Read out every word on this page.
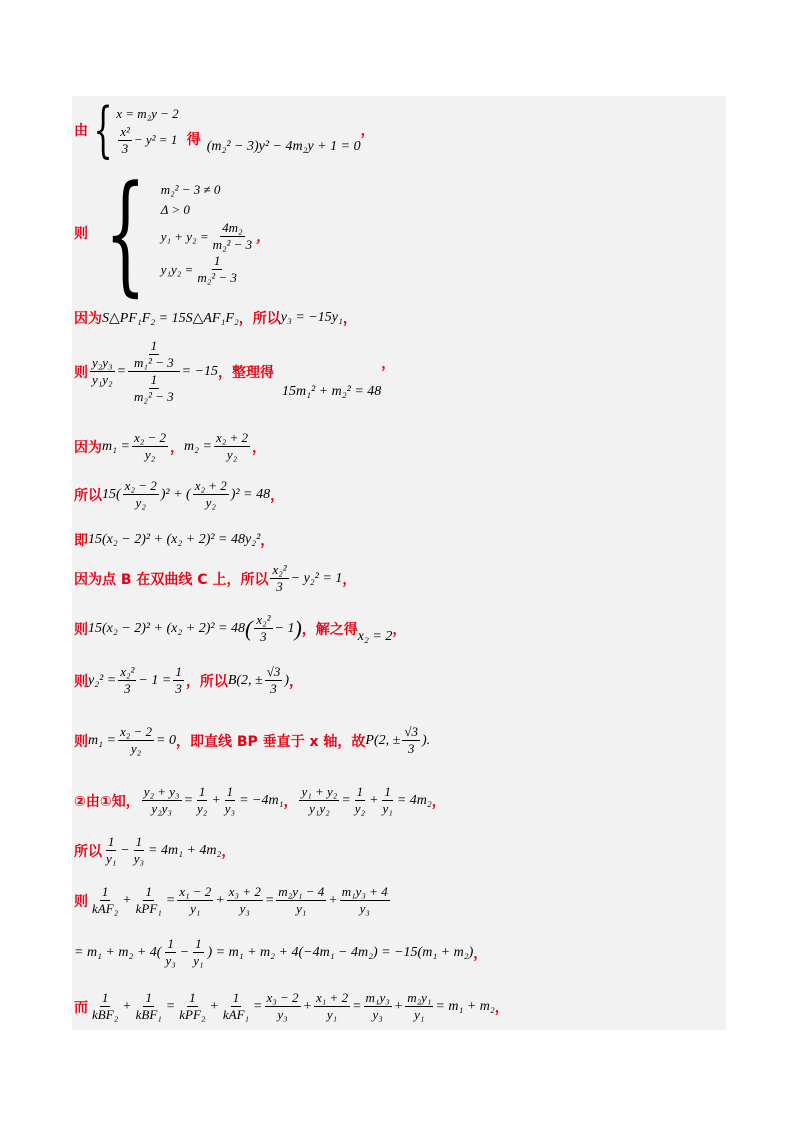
由 { x = m₂y − 2
$\frac{\text{x²}}{3} - y^2 = 1$ 得 (m₂² − 3)y² − 4m₂y + 1 = 0
，
则 { m₂² − 3 ≠ 0
Δ > 0
$y_1 + y_2 = \frac{\text{4m₂}}{\text{m₂² − 3}}$ ，
$y_1y_2 = \frac{1}{\text{m₂² − 3}}$
因为 S△PF₁F₂ = 15S△AF₁F₂ ，所以 y₃ = −15y₁ ，
则 $\frac{\text{y₂y₃}}{\text{y₁y₂}} = \frac{\frac{1}{\text{m₁² − 3}}}{\frac{1}{\text{m₂² − 3}}} = -15$ ，整理得
15m₁² + m₂² = 48
，
因为 $m_1 = \frac{\text{x₂ − 2}}{\text{y₂}}$ ， $m_2 = \frac{\text{x₂ + 2}}{\text{y₂}}$ ，
所以 $15( \frac{\text{x₂ − 2}}{\text{y₂}} )^2$ + ( $\frac{\text{x₂ + 2}}{\text{y₂}} )^2 = 48$ ，
即 15(x₂ − 2)² + (x₂ + 2)² = 48y₂² ，
因为点 B 在双曲线 C 上，所以 $\frac{\text{x₂²}}{3} - y_2^2 = 1$ ，
则 15(x₂ − 2)² + (x₂ + 2)² = 48 ( $\frac{\text{x₂²}}{3} - 1$ ) ，解之得 x₂ = 2 ，
则 $y_2^2 = \frac{\text{x₂²}}{3} - 1 = \frac{1}{3}$ ，所以 B(2, ± $\frac{√3}{3}$ ) ，
则 $m_1 = \frac{\text{x₂ − 2}}{\text{y₂}} = 0$ ，即直线 BP 垂直于 x 轴，故 P(2, ± $\frac{√3}{3}$ ).
②由①知， $\frac{\text{y₂ + y₃}}{\text{y₂y₃}} = \frac{1}{\text{y₂}} + \frac{1}{\text{y₃}} = -4m_1$ ， $\frac{\text{y₁ + y₂}}{\text{y₁y₂}} = \frac{1}{\text{y₂}} + \frac{1}{\text{y₁}} = 4m_2$ ，
所以 $\frac{1}{\text{y₁}} - \frac{1}{\text{y₃}} = 4m_1 + 4m_2$ ，
则 $\frac{1}{\text{kAF₂}} + \frac{1}{\text{kPF₁}} = \frac{\text{x₁ − 2}}{\text{y₁}} + \frac{\text{x₃ + 2}}{\text{y₃}} = \frac{\text{m₂y₁ − 4}}{\text{y₁}} + \frac{\text{m₁y₃ + 4}}{\text{y₃}}$
= $m_1 + m_2 + 4( \frac{1}{\text{y₃}} - \frac{1}{\text{y₁}}$ ) = m₁ + m₂ + 4(−4m₁ − 4m₂) = −15(m₁ + m₂) ，
而 $\frac{1}{\text{kBF₂}} + \frac{1}{\text{kBF₁}} = \frac{1}{\text{kPF₂}} + \frac{1}{\text{kAF₁}} = \frac{\text{x₃ − 2}}{\text{y₃}} + \frac{\text{x₁ + 2}}{\text{y₁}} = \frac{\text{m₁y₃}}{\text{y₃}} + \frac{\text{m₂y₁}}{\text{y₁}} = m_1 + m_2$ ，
